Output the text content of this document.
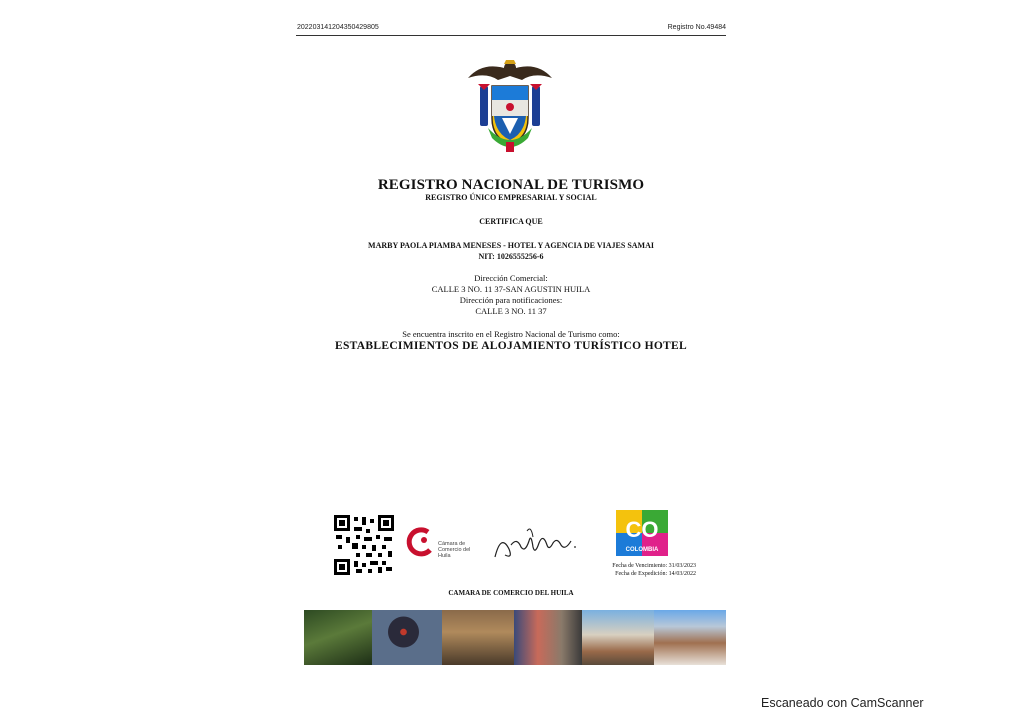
20220314120435042980​5	Registro No.49484
REGISTRO NACIONAL DE TURISMO
REGISTRO ÚNICO EMPRESARIAL Y SOCIAL
CERTIFICA QUE
MARBY PAOLA PIAMBA MENESES - HOTEL Y AGENCIA DE VIAJES SAMAI
NIT: 1026555256-6
Dirección Comercial:
CALLE 3 NO. 11 37-SAN AGUSTIN HUILA
Dirección para notificaciones:
CALLE 3 NO. 11 37
Se encuentra inscrito en el Registro Nacional de Turismo como:
ESTABLECIMIENTOS DE ALOJAMIENTO TURÍSTICO HOTEL
Cámara de Comercio del Huila
CO
COLOMBIA
Fecha de Vencimiento: 31/03/2023
Fecha de Expedición: 14/03/2022
CAMARA DE COMERCIO DEL HUILA
Escaneado con CamScanner
